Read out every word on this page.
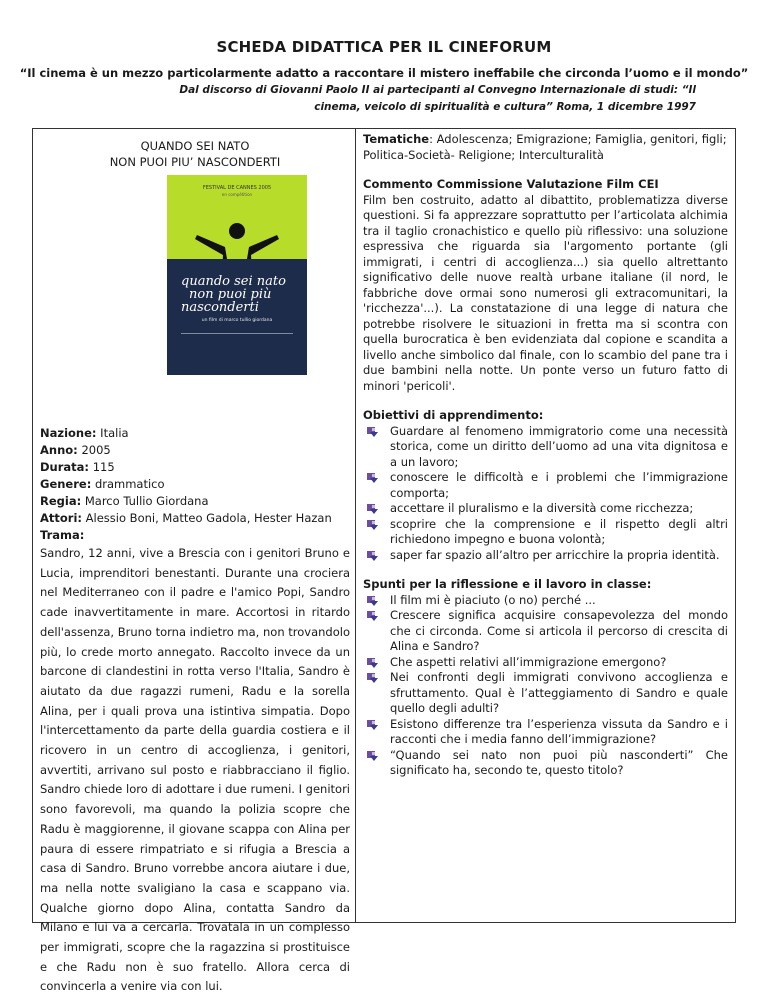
SCHEDA DIDATTICA PER IL CINEFORUM
“Il cinema è un mezzo particolarmente adatto a raccontare il mistero ineffabile che circonda l’uomo e il mondo”
Dal discorso di Giovanni Paolo II ai partecipanti al Convegno Internazionale di studi: “Il cinema, veicolo di spiritualità e cultura” Roma, 1 dicembre 1997
QUANDO SEI NATO
NON PUOI PIU’ NASCONDERTI
FESTIVAL DE CANNES 2005
en compétition
quando sei nato
non puoi più
nasconderti
un film di marco tullio giordana
Nazione: Italia
Anno: 2005
Durata: 115
Genere: drammatico
Regia: Marco Tullio Giordana
Attori: Alessio Boni, Matteo Gadola, Hester Hazan
Trama:
Sandro, 12 anni, vive a Brescia con i genitori Bruno e Lucia, imprenditori benestanti. Durante una crociera nel Mediterraneo con il padre e l'amico Popi, Sandro cade inavvertitamente in mare. Accortosi in ritardo dell'assenza, Bruno torna indietro ma, non trovandolo più, lo crede morto annegato. Raccolto invece da un barcone di clandestini in rotta verso l'Italia, Sandro è aiutato da due ragazzi rumeni, Radu e la sorella Alina, per i quali prova una istintiva simpatia. Dopo l'intercettamento da parte della guardia costiera e il ricovero in un centro di accoglienza, i genitori, avvertiti, arrivano sul posto e riabbracciano il figlio. Sandro chiede loro di adottare i due rumeni. I genitori sono favorevoli, ma quando la polizia scopre che Radu è maggiorenne, il giovane scappa con Alina per paura di essere rimpatriato e si rifugia a Brescia a casa di Sandro. Bruno vorrebbe ancora aiutare i due, ma nella notte svaligiano la casa e scappano via. Qualche giorno dopo Alina, contatta Sandro da Milano e lui va a cercarla. Trovatala in un complesso per immigrati, scopre che la ragazzina si prostituisce e che Radu non è suo fratello. Allora cerca di convincerla a venire via con lui.
Tematiche: Adolescenza; Emigrazione; Famiglia, genitori, figli; Politica-Società- Religione; Interculturalità
Commento Commissione Valutazione Film CEI
Film ben costruito, adatto al dibattito, problematizza diverse questioni. Si fa apprezzare soprattutto per l’articolata alchimia tra il taglio cronachistico e quello più riflessivo: una soluzione espressiva che riguarda sia l'argomento portante (gli immigrati, i centri di accoglienza...) sia quello altrettanto significativo delle nuove realtà urbane italiane (il nord, le fabbriche dove ormai sono numerosi gli extracomunitari, la 'ricchezza'...). La constatazione di una legge di natura che potrebbe risolvere le situazioni in fretta ma si scontra con quella burocratica è ben evidenziata dal copione e scandita a livello anche simbolico dal finale, con lo scambio del pane tra i due bambini nella notte. Un ponte verso un futuro fatto di minori 'pericoli'.
Obiettivi di apprendimento:
Guardare al fenomeno immigratorio come una necessità storica, come un diritto dell’uomo ad una vita dignitosa e a un lavoro;
conoscere le difficoltà e i problemi che l’immigrazione comporta;
accettare il pluralismo e la diversità come ricchezza;
scoprire che la comprensione e il rispetto degli altri richiedono impegno e buona volontà;
saper far spazio all’altro per arricchire la propria identità.
Spunti per la riflessione e il lavoro in classe:
Il film mi è piaciuto (o no) perché ...
Crescere significa acquisire consapevolezza del mondo che ci circonda. Come si articola il percorso di crescita di Alina e Sandro?
Che aspetti relativi all’immigrazione emergono?
Nei confronti degli immigrati convivono accoglienza e sfruttamento. Qual è l’atteggiamento di Sandro e quale quello degli adulti?
Esistono differenze tra l’esperienza vissuta da Sandro e i racconti che i media fanno dell’immigrazione?
“Quando sei nato non puoi più nasconderti” Che significato ha, secondo te, questo titolo?
